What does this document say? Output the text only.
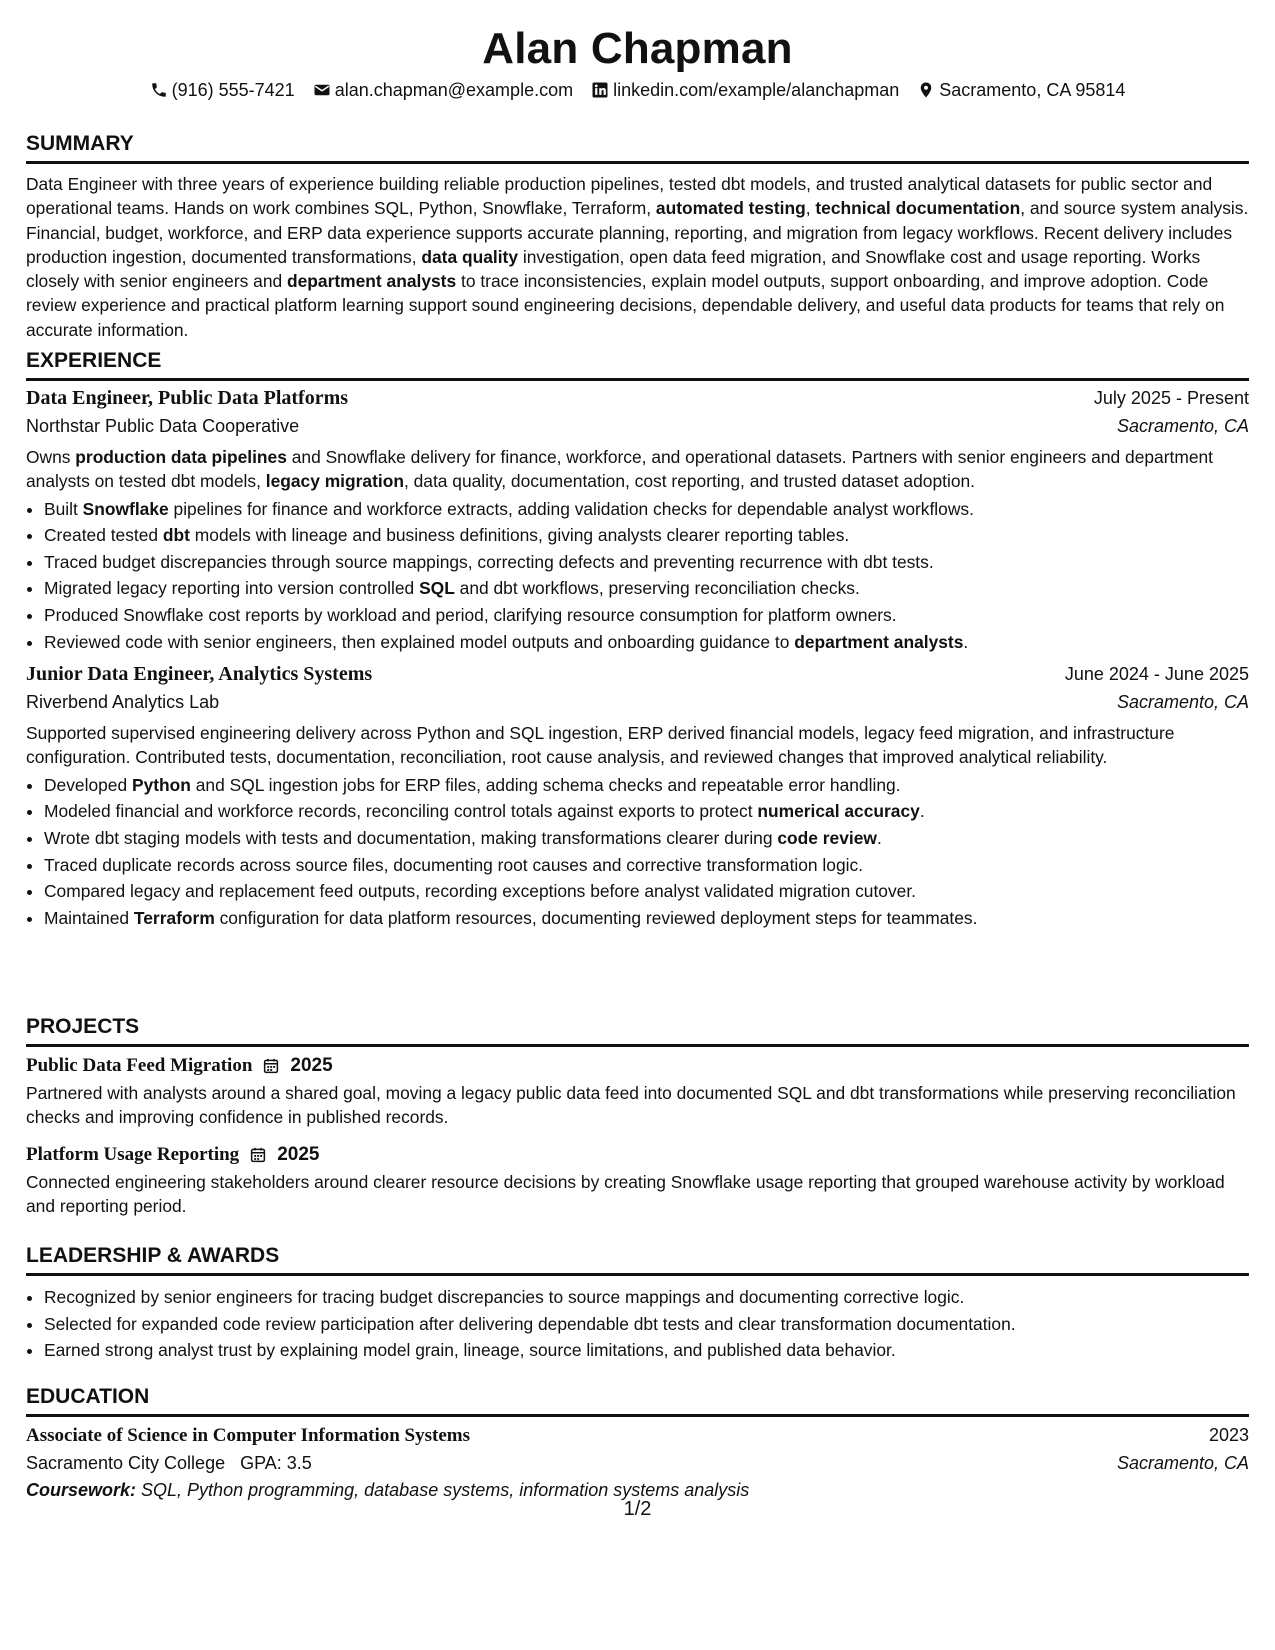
Alan Chapman
(916) 555-7421 alan.chapman@example.com linkedin.com/example/alanchapman Sacramento, CA 95814
SUMMARY

Data Engineer with three years of experience building reliable production pipelines, tested dbt models, and trusted analytical datasets for public sector and operational teams. Hands on work combines SQL, Python, Snowflake, Terraform, automated testing, technical documentation, and source system analysis. Financial, budget, workforce, and ERP data experience supports accurate planning, reporting, and migration from legacy workflows. Recent delivery includes production ingestion, documented transformations, data quality investigation, open data feed migration, and Snowflake cost and usage reporting. Works closely with senior engineers and department analysts to trace inconsistencies, explain model outputs, support onboarding, and improve adoption. Code review experience and practical platform learning support sound engineering decisions, dependable delivery, and useful data products for teams that rely on accurate information.

EXPERIENCE
Data Engineer, Public Data Platforms	July 2025 - Present
Northstar Public Data Cooperative	Sacramento, CA

Owns production data pipelines and Snowflake delivery for finance, workforce, and operational datasets. Partners with senior engineers and department analysts on tested dbt models, legacy migration, data quality, documentation, cost reporting, and trusted dataset adoption.

• Built Snowflake pipelines for finance and workforce extracts, adding validation checks for dependable analyst workflows.
• Created tested dbt models with lineage and business definitions, giving analysts clearer reporting tables.
• Traced budget discrepancies through source mappings, correcting defects and preventing recurrence with dbt tests.
• Migrated legacy reporting into version controlled SQL and dbt workflows, preserving reconciliation checks.
• Produced Snowflake cost reports by workload and period, clarifying resource consumption for platform owners.
• Reviewed code with senior engineers, then explained model outputs and onboarding guidance to department analysts.
Junior Data Engineer, Analytics Systems	June 2024 - June 2025
Riverbend Analytics Lab	Sacramento, CA

Supported supervised engineering delivery across Python and SQL ingestion, ERP derived financial models, legacy feed migration, and infrastructure configuration. Contributed tests, documentation, reconciliation, root cause analysis, and reviewed changes that improved analytical reliability.

• Developed Python and SQL ingestion jobs for ERP files, adding schema checks and repeatable error handling.
• Modeled financial and workforce records, reconciling control totals against exports to protect numerical accuracy.
• Wrote dbt staging models with tests and documentation, making transformations clearer during code review.
• Traced duplicate records across source files, documenting root causes and corrective transformation logic.
• Compared legacy and replacement feed outputs, recording exceptions before analyst validated migration cutover.
• Maintained Terraform configuration for data platform resources, documenting reviewed deployment steps for teammates.
PROJECTS
Public Data Feed Migration 2025

Partnered with analysts around a shared goal, moving a legacy public data feed into documented SQL and dbt transformations while preserving reconciliation checks and improving confidence in published records.

Platform Usage Reporting 2025

Connected engineering stakeholders around clearer resource decisions by creating Snowflake usage reporting that grouped warehouse activity by workload and reporting period.

LEADERSHIP & AWARDS
• Recognized by senior engineers for tracing budget discrepancies to source mappings and documenting corrective logic.
• Selected for expanded code review participation after delivering dependable dbt tests and clear transformation documentation.
• Earned strong analyst trust by explaining model grain, lineage, source limitations, and published data behavior.
EDUCATION
Associate of Science in Computer Information Systems	2023
Sacramento City College GPA: 3.5	Sacramento, CA
Coursework: SQL, Python programming, database systems, information systems analysis
1/2
